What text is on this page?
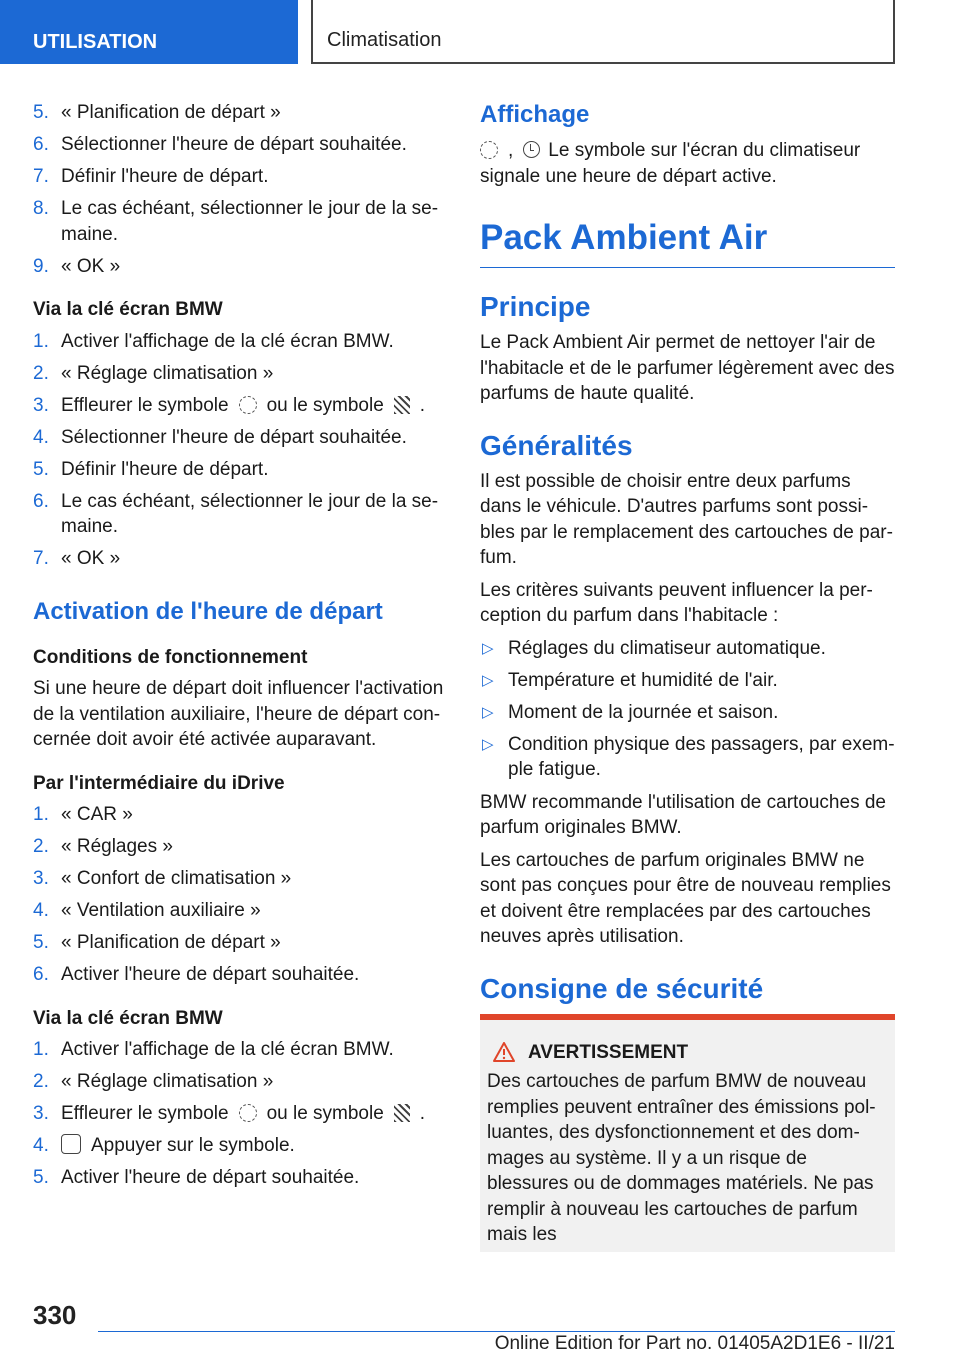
UTILISATION	Climatisation
5. « Planification de départ »
6. Sélectionner l'heure de départ souhaitée.
7. Définir l'heure de départ.
8. Le cas échéant, sélectionner le jour de la se- maine.
9. « OK »
Via la clé écran BMW
1. Activer l'affichage de la clé écran BMW.
2. « Réglage climatisation »
3. Effleurer le symbole ou le symbole .
4. Sélectionner l'heure de départ souhaitée.
5. Définir l'heure de départ.
6. Le cas échéant, sélectionner le jour de la se- maine.
7. « OK »
Activation de l'heure de départ
Conditions de fonctionnement

Si une heure de départ doit influencer l'activation de la ventilation auxiliaire, l'heure de départ con- cernée doit avoir été activée auparavant.

Par l'intermédiaire du iDrive
1. « CAR »
2. « Réglages »
3. « Confort de climatisation »
4. « Ventilation auxiliaire »
5. « Planification de départ »
6. Activer l'heure de départ souhaitée.
Via la clé écran BMW
1. Activer l'affichage de la clé écran BMW.
2. « Réglage climatisation »
3. Effleurer le symbole ou le symbole .
4. Appuyer sur le symbole.
5. Activer l'heure de départ souhaitée.
Affichage

, Le symbole sur l'écran du climatiseur signale une heure de départ active.

Pack Ambient Air
Principe

Le Pack Ambient Air permet de nettoyer l'air de l'habitacle et de le parfumer légèrement avec des parfums de haute qualité.

Généralités

Il est possible de choisir entre deux parfums dans le véhicule. D'autres parfums sont possi- bles par le remplacement des cartouches de par- fum.

Les critères suivants peuvent influencer la per- ception du parfum dans l'habitacle :

▷ Réglages du climatiseur automatique.
▷ Température et humidité de l'air.
▷ Moment de la journée et saison.
▷ Condition physique des passagers, par exem- ple fatigue.

BMW recommande l'utilisation de cartouches de parfum originales BMW.

Les cartouches de parfum originales BMW ne sont pas conçues pour être de nouveau remplies et doivent être remplacées par des cartouches neuves après utilisation.

Consigne de sécurité
AVERTISSEMENT
Des cartouches de parfum BMW de nouveau remplies peuvent entraîner des émissions pol- luantes, des dysfonctionnement et des dom- mages au système. Il y a un risque de blessures ou de dommages matériels. Ne pas remplir à nouveau les cartouches de parfum mais les
330
Online Edition for Part no. 01405A2D1E6 - II/21
